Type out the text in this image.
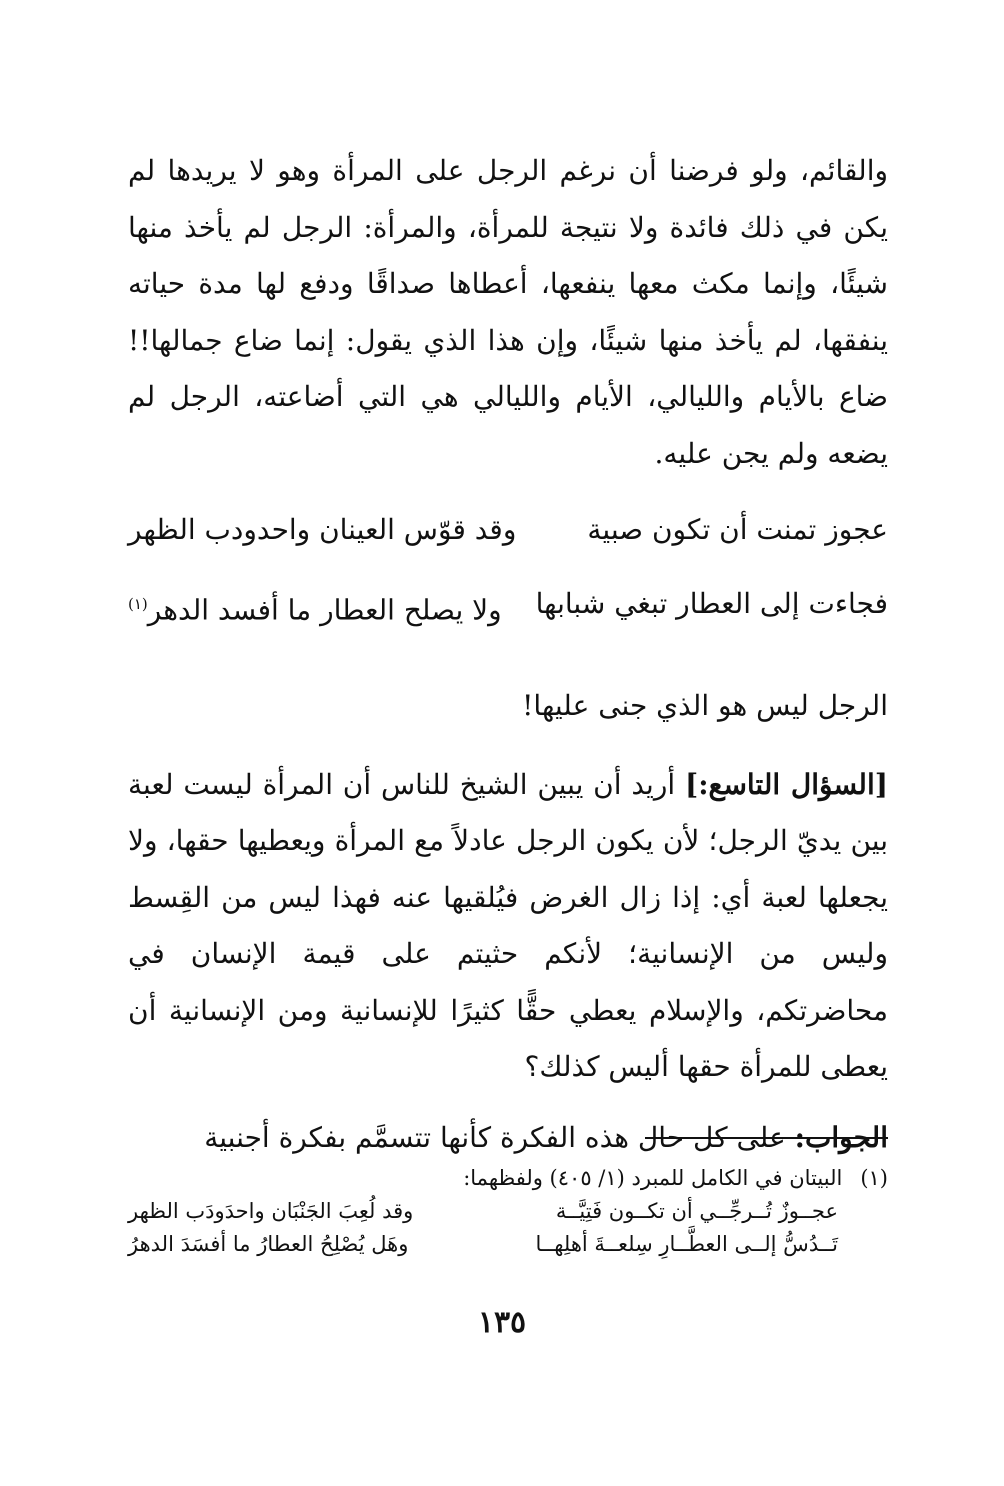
والقائم، ولو فرضنا أن نرغم الرجل على المرأة وهو لا يريدها لم يكن في ذلك فائدة ولا نتيجة للمرأة، والمرأة: الرجل لم يأخذ منها شيئًا، وإنما مكث معها ينفعها، أعطاها صداقًا ودفع لها مدة حياته ينفقها، لم يأخذ منها شيئًا، وإن هذا الذي يقول: إنما ضاع جمالها!! ضاع بالأيام والليالي، الأيام والليالي هي التي أضاعته، الرجل لم يضعه ولم يجن عليه.

عجوز تمنت أن تكون صبية
وقد قوّس العينان واحدودب الظهر
فجاءت إلى العطار تبغي شبابها
ولا يصلح العطار ما أفسد الدهر$^{(١)}$

الرجل ليس هو الذي جنى عليها!

[السؤال التاسع:] أريد أن يبين الشيخ للناس أن المرأة ليست لعبة بين يديّ الرجل؛ لأن يكون الرجل عادلاً مع المرأة ويعطيها حقها، ولا يجعلها لعبة أي: إذا زال الغرض فيُلقيها عنه فهذا ليس من القِسط وليس من الإنسانية؛ لأنكم حثيتم على قيمة الإنسان في محاضرتكم، والإسلام يعطي حقًّا كثيرًا للإنسانية ومن الإنسانية أن يعطى للمرأة حقها أليس كذلك؟

الجواب: على كل حال هذه الفكرة كأنها تتسمَّم بفكرة أجنبية

(١)البيتان في الكامل للمبرد (١/ ٤٠٥) ولفظهما:
عجــوزٌ تُــرجِّــي أن تكــون فَتِيَّــة
وقد لُعِبَ الجَنْبَان واحدَودَب الظهر
تَــدُسُّ إلــى العطَّــارِ سِلعــةَ أهلِهــا
وهَل يُصْلِحُ العطارُ ما أفسَدَ الدهرُ
١٣٥
